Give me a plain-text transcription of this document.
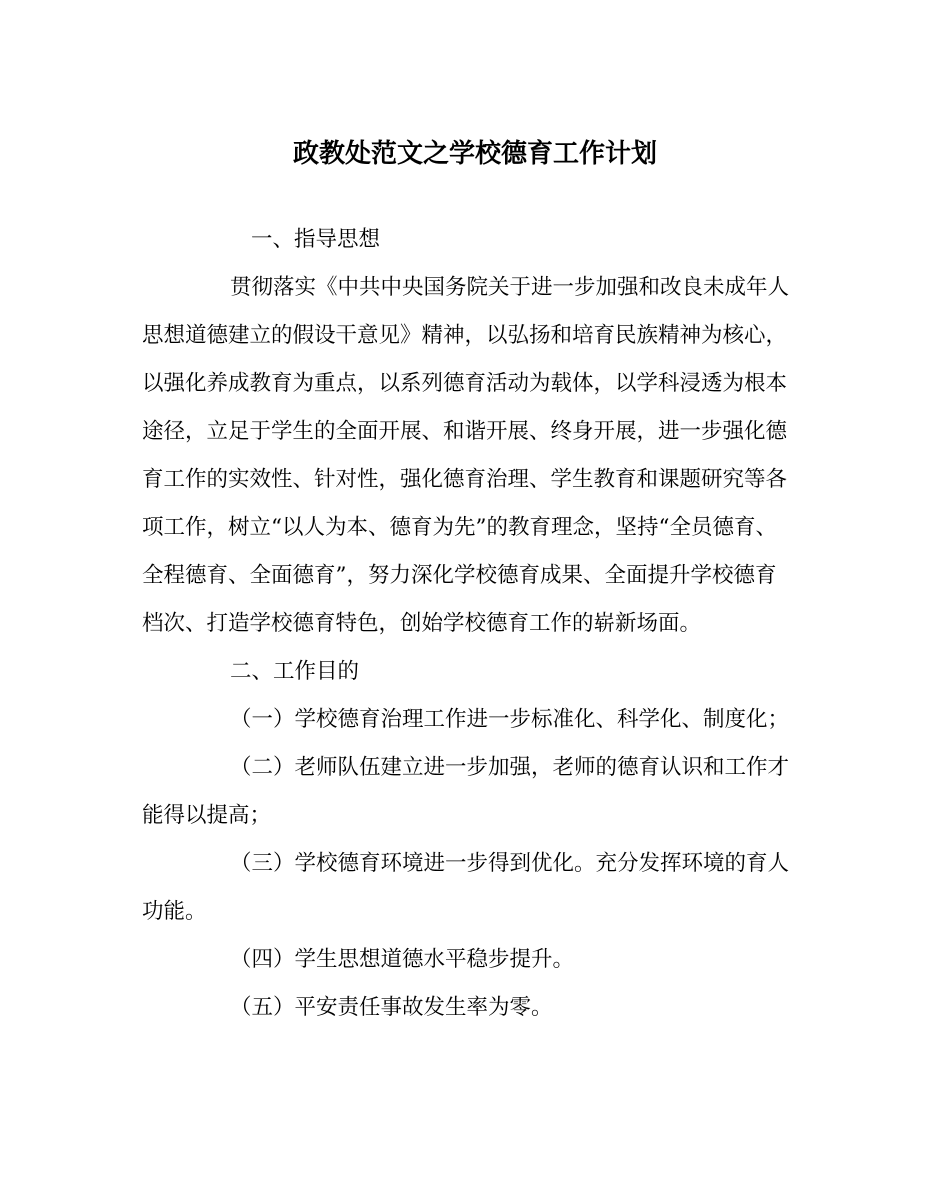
政教处范文之学校德育工作计划
一、指导思想
贯彻落实《中共中央国务院关于进一步加强和改良未成年人
思想道德建立的假设干意见》精神，以弘扬和培育民族精神为核心，
以强化养成教育为重点，以系列德育活动为载体，以学科浸透为根本
途径，立足于学生的全面开展、和谐开展、终身开展，进一步强化德
育工作的实效性、针对性，强化德育治理、学生教育和课题研究等各
项工作，树立“以人为本、德育为先”的教育理念，坚持“全员德育、
全程德育、全面德育”，努力深化学校德育成果、全面提升学校德育
档次、打造学校德育特色，创始学校德育工作的崭新场面。
二、工作目的
（一）学校德育治理工作进一步标准化、科学化、制度化；
（二）老师队伍建立进一步加强，老师的德育认识和工作才
能得以提高；
（三）学校德育环境进一步得到优化。充分发挥环境的育人
功能。
（四）学生思想道德水平稳步提升。
（五）平安责任事故发生率为零。
